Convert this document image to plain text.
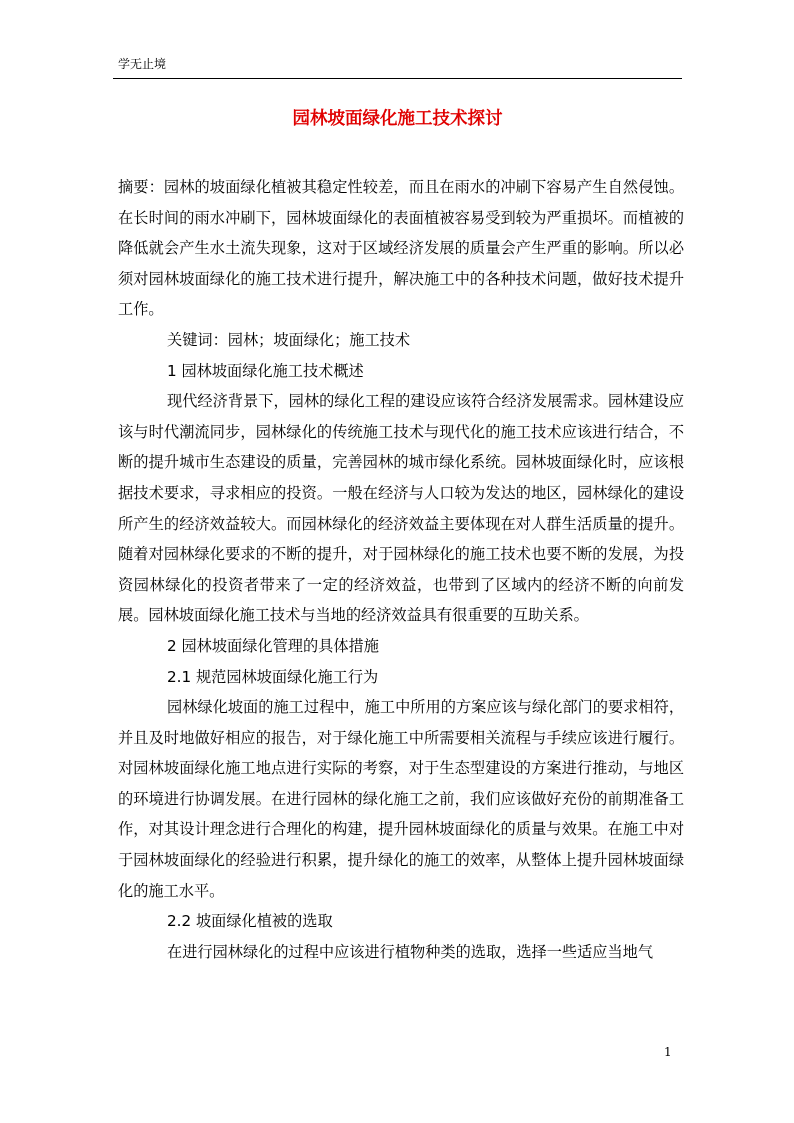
学无止境
园林坡面绿化施工技术探讨

摘要：园林的坡面绿化植被其稳定性较差，而且在雨水的冲刷下容易产生自然侵蚀。在长时间的雨水冲刷下，园林坡面绿化的表面植被容易受到较为严重损坏。而植被的降低就会产生水土流失现象，这对于区域经济发展的质量会产生严重的影响。所以必须对园林坡面绿化的施工技术进行提升，解决施工中的各种技术问题，做好技术提升工作。

关键词：园林；坡面绿化；施工技术

1 园林坡面绿化施工技术概述

现代经济背景下，园林的绿化工程的建设应该符合经济发展需求。园林建设应该与时代潮流同步，园林绿化的传统施工技术与现代化的施工技术应该进行结合，不断的提升城市生态建设的质量，完善园林的城市绿化系统。园林坡面绿化时，应该根据技术要求，寻求相应的投资。一般在经济与人口较为发达的地区，园林绿化的建设所产生的经济效益较大。而园林绿化的经济效益主要体现在对人群生活质量的提升。随着对园林绿化要求的不断的提升，对于园林绿化的施工技术也要不断的发展，为投资园林绿化的投资者带来了一定的经济效益，也带到了区域内的经济不断的向前发展。园林坡面绿化施工技术与当地的经济效益具有很重要的互助关系。

2 园林坡面绿化管理的具体措施

2.1 规范园林坡面绿化施工行为

园林绿化坡面的施工过程中，施工中所用的方案应该与绿化部门的要求相符，并且及时地做好相应的报告，对于绿化施工中所需要相关流程与手续应该进行履行。对园林坡面绿化施工地点进行实际的考察，对于生态型建设的方案进行推动，与地区的环境进行协调发展。在进行园林的绿化施工之前，我们应该做好充份的前期准备工作，对其设计理念进行合理化的构建，提升园林坡面绿化的质量与效果。在施工中对于园林坡面绿化的经验进行积累，提升绿化的施工的效率，从整体上提升园林坡面绿化的施工水平。

2.2 坡面绿化植被的选取

在进行园林绿化的过程中应该进行植物种类的选取，选择一些适应当地气

1
